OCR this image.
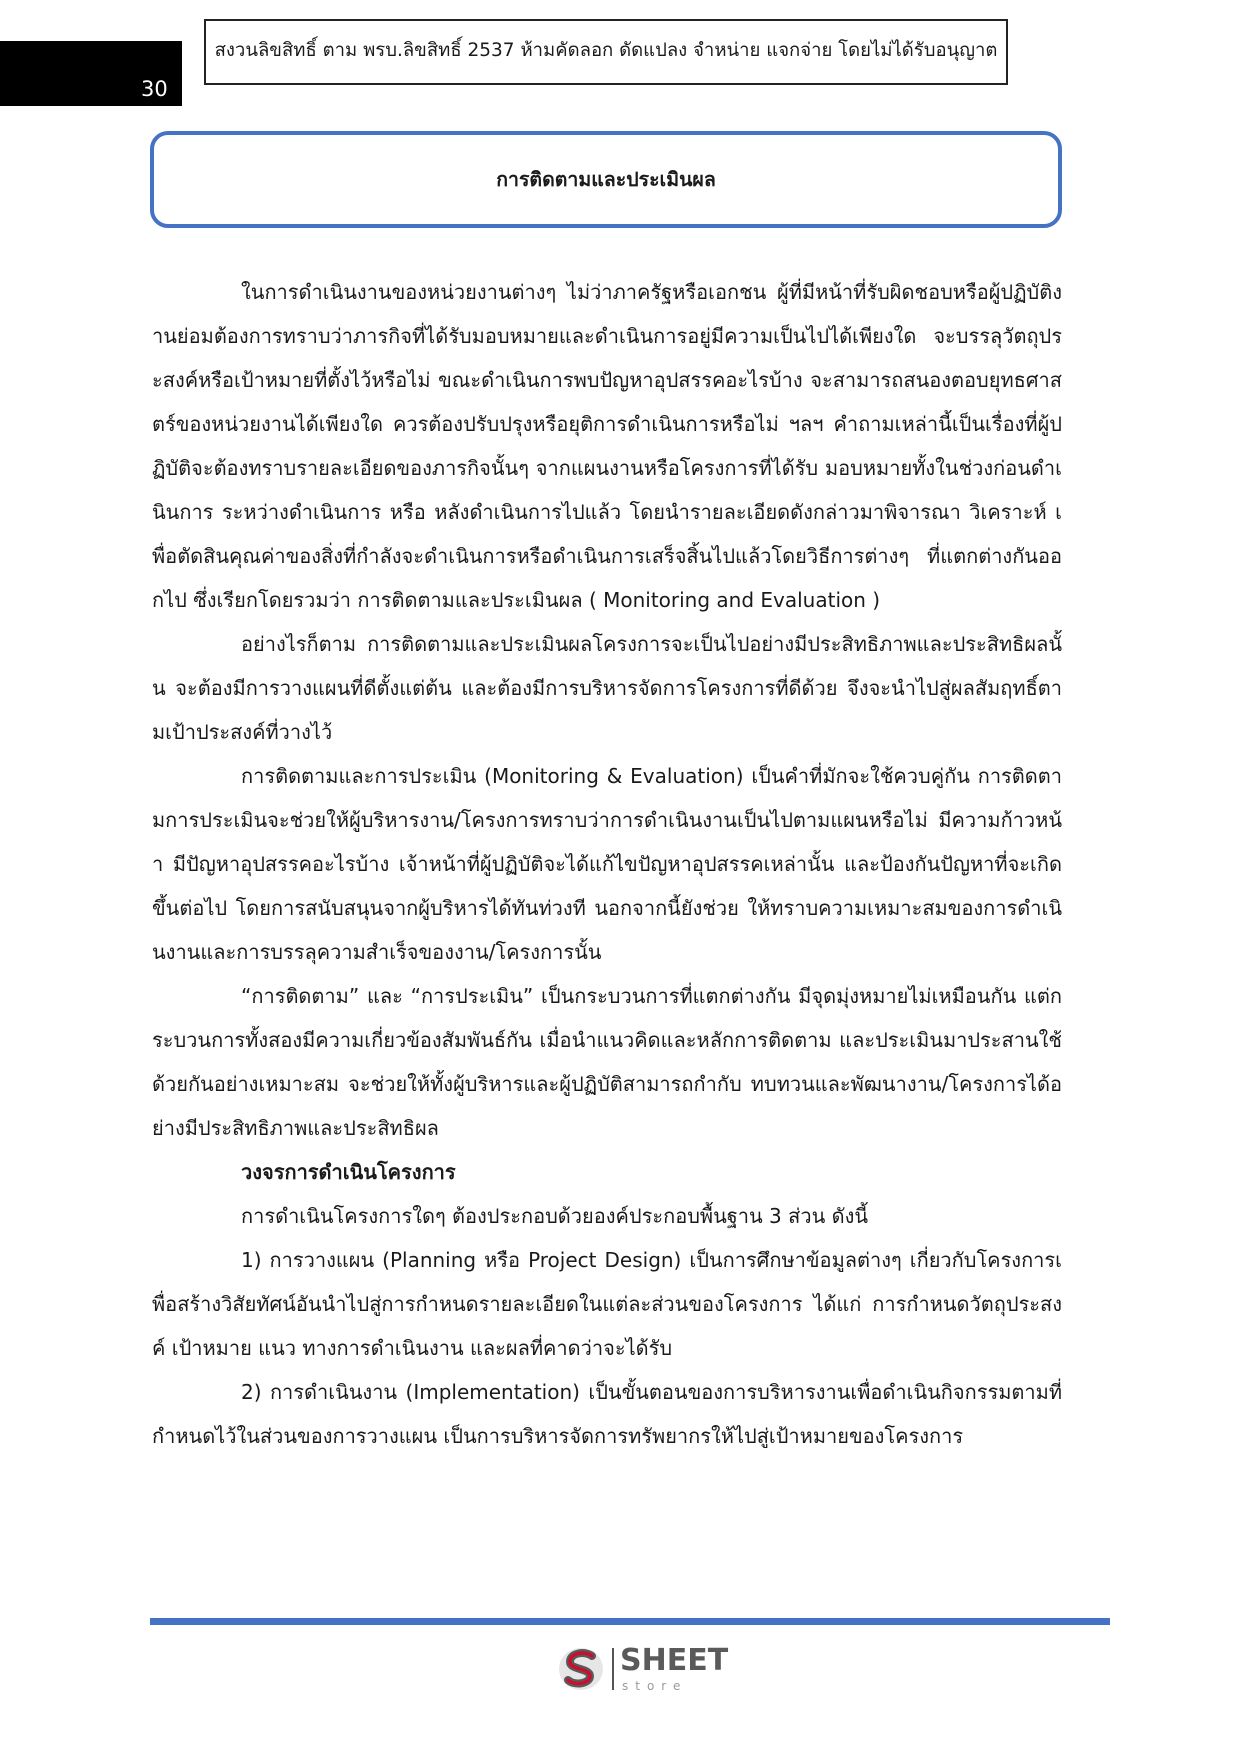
30
สงวนลิขสิทธิ์ ตาม พรบ.ลิขสิทธิ์ 2537 ห้ามคัดลอก ดัดแปลง จำหน่าย แจกจ่าย โดยไม่ได้รับอนุญาต
การติดตามและประเมินผล

ในการดำเนินงานของหน่วยงานต่างๆ ไม่ว่าภาครัฐหรือเอกชน ผู้ที่มีหน้าที่รับผิดชอบหรือผู้ปฏิบัติงานย่อมต้องการทราบว่าภารกิจที่ได้รับมอบหมายและดำเนินการอยู่มีความเป็นไปได้เพียงใด จะบรรลุวัตถุประสงค์หรือเป้าหมายที่ตั้งไว้หรือไม่ ขณะดำเนินการพบปัญหาอุปสรรคอะไรบ้าง จะสามารถสนองตอบยุทธศาสตร์ของหน่วยงานได้เพียงใด ควรต้องปรับปรุงหรือยุติการดำเนินการหรือไม่ ฯลฯ คำถามเหล่านี้เป็นเรื่องที่ผู้ปฏิบัติจะต้องทราบรายละเอียดของภารกิจนั้นๆ จากแผนงานหรือโครงการที่ได้รับ มอบหมายทั้งในช่วงก่อนดำเนินการ ระหว่างดำเนินการ หรือ หลังดำเนินการไปแล้ว โดยนำรายละเอียดดังกล่าวมาพิจารณา วิเคราะห์ เพื่อตัดสินคุณค่าของสิ่งที่กำลังจะดำเนินการหรือดำเนินการเสร็จสิ้นไปแล้วโดยวิธีการต่างๆ ที่แตกต่างกันออกไป ซึ่งเรียกโดยรวมว่า การติดตามและประเมินผล ( Monitoring and Evaluation )

อย่างไรก็ตาม การติดตามและประเมินผลโครงการจะเป็นไปอย่างมีประสิทธิภาพและประสิทธิผลนั้น จะต้องมีการวางแผนที่ดีตั้งแต่ต้น และต้องมีการบริหารจัดการโครงการที่ดีด้วย จึงจะนำไปสู่ผลสัมฤทธิ์ตามเป้าประสงค์ที่วางไว้

การติดตามและการประเมิน (Monitoring & Evaluation) เป็นคำที่มักจะใช้ควบคู่กัน การติดตามการประเมินจะช่วยให้ผู้บริหารงาน/โครงการทราบว่าการดำเนินงานเป็นไปตามแผนหรือไม่ มีความก้าวหน้า มีปัญหาอุปสรรคอะไรบ้าง เจ้าหน้าที่ผู้ปฏิบัติจะได้แก้ไขปัญหาอุปสรรคเหล่านั้น และป้องกันปัญหาที่จะเกิดขึ้นต่อไป โดยการสนับสนุนจากผู้บริหารได้ทันท่วงที นอกจากนี้ยังช่วย ให้ทราบความเหมาะสมของการดำเนินงานและการบรรลุความสำเร็จของงาน/โครงการนั้น

“การติดตาม” และ “การประเมิน” เป็นกระบวนการที่แตกต่างกัน มีจุดมุ่งหมายไม่เหมือนกัน แต่กระบวนการทั้งสองมีความเกี่ยวข้องสัมพันธ์กัน เมื่อนำแนวคิดและหลักการติดตาม และประเมินมาประสานใช้ด้วยกันอย่างเหมาะสม จะช่วยให้ทั้งผู้บริหารและผู้ปฏิบัติสามารถกำกับ ทบทวนและพัฒนางาน/โครงการได้อย่างมีประสิทธิภาพและประสิทธิผล

วงจรการดำเนินโครงการ

การดำเนินโครงการใดๆ ต้องประกอบด้วยองค์ประกอบพื้นฐาน 3 ส่วน ดังนี้

1) การวางแผน (Planning หรือ Project Design) เป็นการศึกษาข้อมูลต่างๆ เกี่ยวกับโครงการเพื่อสร้างวิสัยทัศน์อันนำไปสู่การกำหนดรายละเอียดในแต่ละส่วนของโครงการ ได้แก่ การกำหนดวัตถุประสงค์ เป้าหมาย แนว ทางการดำเนินงาน และผลที่คาดว่าจะได้รับ

2) การดำเนินงาน (Implementation) เป็นขั้นตอนของการบริหารงานเพื่อดำเนินกิจกรรมตามที่กำหนดไว้ในส่วนของการวางแผน เป็นการบริหารจัดการทรัพยากรให้ไปสู่เป้าหมายของโครงการ

SHEET
store
